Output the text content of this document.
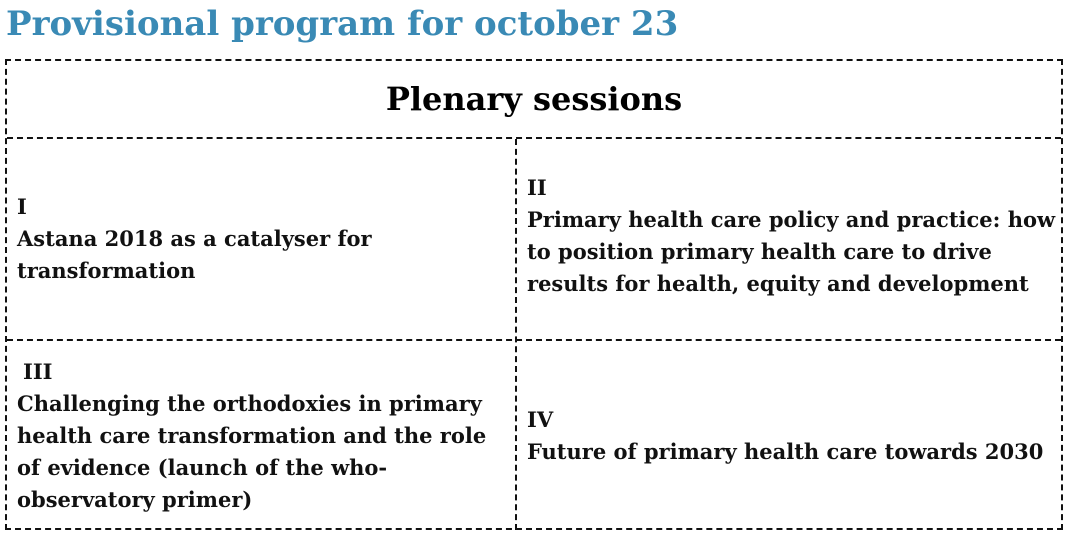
Provisional program for october 23
Plenary sessions
I
Astana 2018 as a catalyser for transformation
II
Primary health care policy and practice: how to position primary health care to drive results for health, equity and development
III
Challenging the orthodoxies in primary health care transformation and the role of evidence (launch of the who-observatory primer)
IV
Future of primary health care towards 2030
